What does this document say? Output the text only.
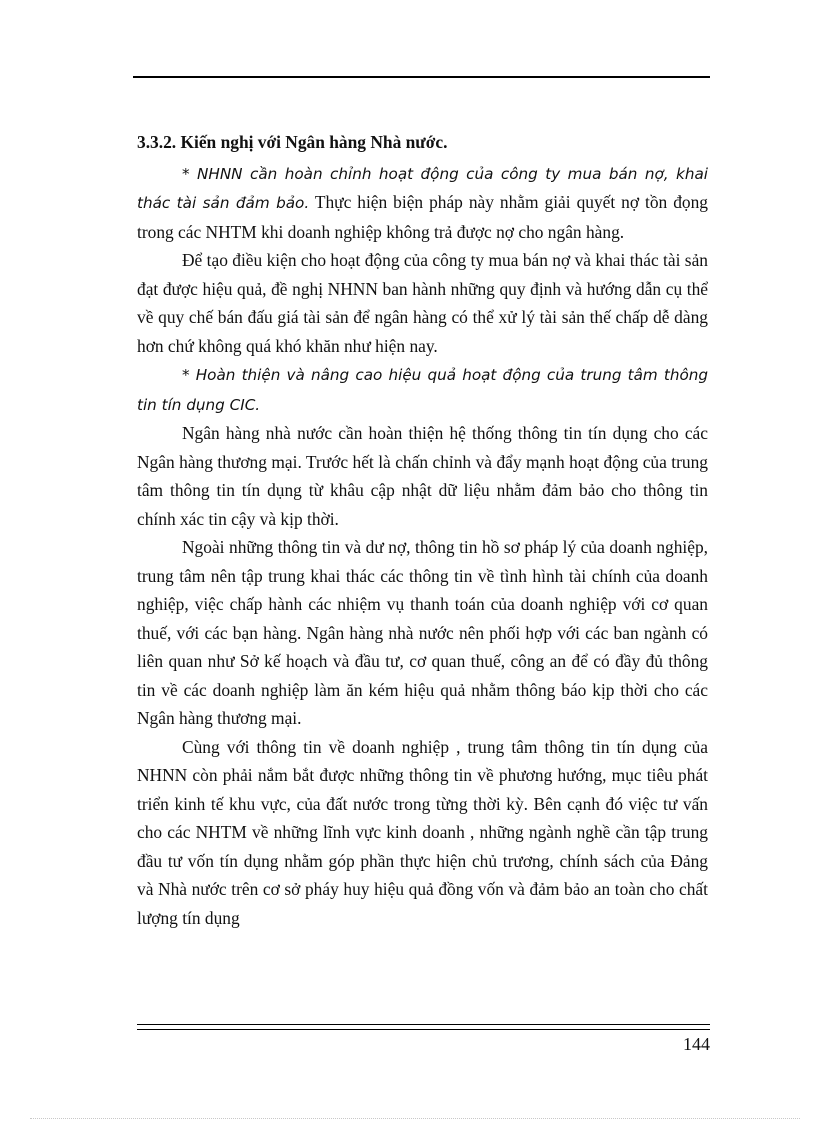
3.3.2. Kiến nghị với Ngân hàng Nhà nước.

* NHNN cần hoàn chỉnh hoạt động của công ty mua bán nợ, khai thác tài sản đảm bảo. Thực hiện biện pháp này nhằm giải quyết nợ tồn đọng trong các NHTM khi doanh nghiệp không trả được nợ cho ngân hàng.

Để tạo điều kiện cho hoạt động của công ty mua bán nợ và khai thác tài sản đạt được hiệu quả, đề nghị NHNN ban hành những quy định và hướng dẫn cụ thể về quy chế bán đấu giá tài sản để ngân hàng có thể xử lý tài sản thế chấp dễ dàng hơn chứ không quá khó khăn như hiện nay.

* Hoàn thiện và nâng cao hiệu quả hoạt động của trung tâm thông tin tín dụng CIC.

Ngân hàng nhà nước cần hoàn thiện hệ thống thông tin tín dụng cho các Ngân hàng thương mại. Trước hết là chấn chỉnh và đẩy mạnh hoạt động của trung tâm thông tin tín dụng từ khâu cập nhật dữ liệu nhằm đảm bảo cho thông tin chính xác tin cậy và kịp thời.

Ngoài những thông tin và dư nợ, thông tin hồ sơ pháp lý của doanh nghiệp, trung tâm nên tập trung khai thác các thông tin về tình hình tài chính của doanh nghiệp, việc chấp hành các nhiệm vụ thanh toán của doanh nghiệp với cơ quan thuế, với các bạn hàng. Ngân hàng nhà nước nên phối hợp với các ban ngành có liên quan như Sở kế hoạch và đầu tư, cơ quan thuế, công an để có đầy đủ thông tin về các doanh nghiệp làm ăn kém hiệu quả nhằm thông báo kịp thời cho các Ngân hàng thương mại.

Cùng với thông tin về doanh nghiệp , trung tâm thông tin tín dụng của NHNN còn phải nắm bắt được những thông tin về phương hướng, mục tiêu phát triển kinh tế khu vực, của đất nước trong từng thời kỳ. Bên cạnh đó việc tư vấn cho các NHTM về những lĩnh vực kinh doanh , những ngành nghề cần tập trung đầu tư vốn tín dụng nhằm góp phần thực hiện chủ trương, chính sách của Đảng và Nhà nước trên cơ sở pháy huy hiệu quả đồng vốn và đảm bảo an toàn cho chất lượng tín dụng

144
